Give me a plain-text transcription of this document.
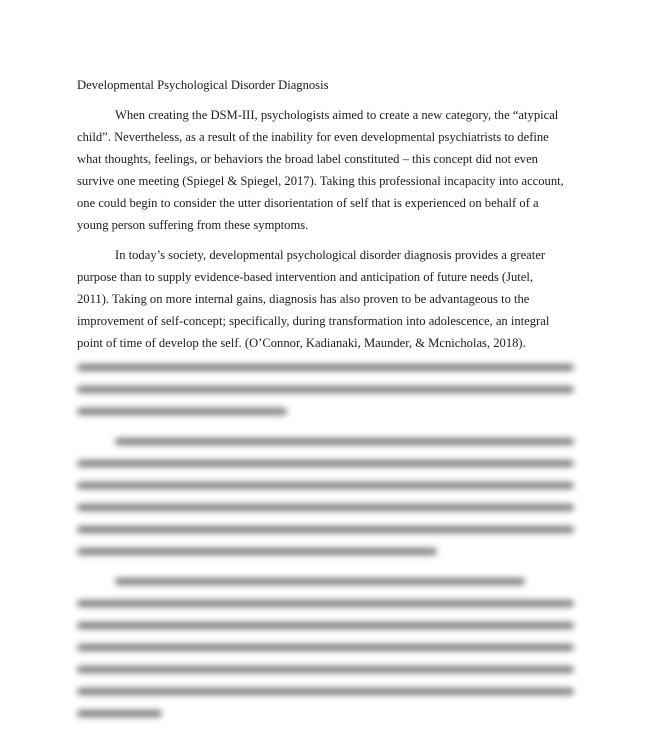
Developmental Psychological Disorder Diagnosis
When creating the DSM-III, psychologists aimed to create a new category, the “atypical
child”. Nevertheless, as a result of the inability for even developmental psychiatrists to define
what thoughts, feelings, or behaviors the broad label constituted – this concept did not even
survive one meeting (Spiegel & Spiegel, 2017). Taking this professional incapacity into account,
one could begin to consider the utter disorientation of self that is experienced on behalf of a
young person suffering from these symptoms.
In today’s society, developmental psychological disorder diagnosis provides a greater
purpose than to supply evidence-based intervention and anticipation of future needs (Jutel,
2011). Taking on more internal gains, diagnosis has also proven to be advantageous to the
improvement of self-concept; specifically, during transformation into adolescence, an integral
point of time of develop the self. (O’Connor, Kadianaki, Maunder, & Mcnicholas, 2018).
